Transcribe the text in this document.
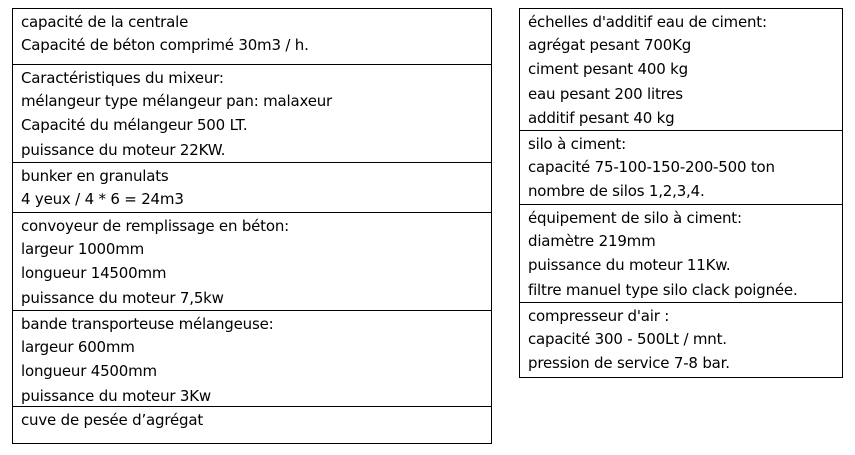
capacité de la centrale
Capacité de béton comprimé 30m3 / h.
Caractéristiques du mixeur:
mélangeur type mélangeur pan: malaxeur
Capacité du mélangeur 500 LT.
puissance du moteur 22KW.
bunker en granulats
4 yeux / 4 * 6 = 24m3
convoyeur de remplissage en béton:
largeur 1000mm
longueur 14500mm
puissance du moteur 7,5kw
bande transporteuse mélangeuse:
largeur 600mm
longueur 4500mm
puissance du moteur 3Kw
cuve de pesée d’agrégat
échelles d'additif eau de ciment:
agrégat pesant 700Kg
ciment pesant 400 kg
eau pesant 200 litres
additif pesant 40 kg
silo à ciment:
capacité 75-100-150-200-500 ton
nombre de silos 1,2,3,4.
équipement de silo à ciment:
diamètre 219mm
puissance du moteur 11Kw.
filtre manuel type silo clack poignée.
compresseur d'air :
capacité 300 - 500Lt / mnt.
pression de service 7-8 bar.
